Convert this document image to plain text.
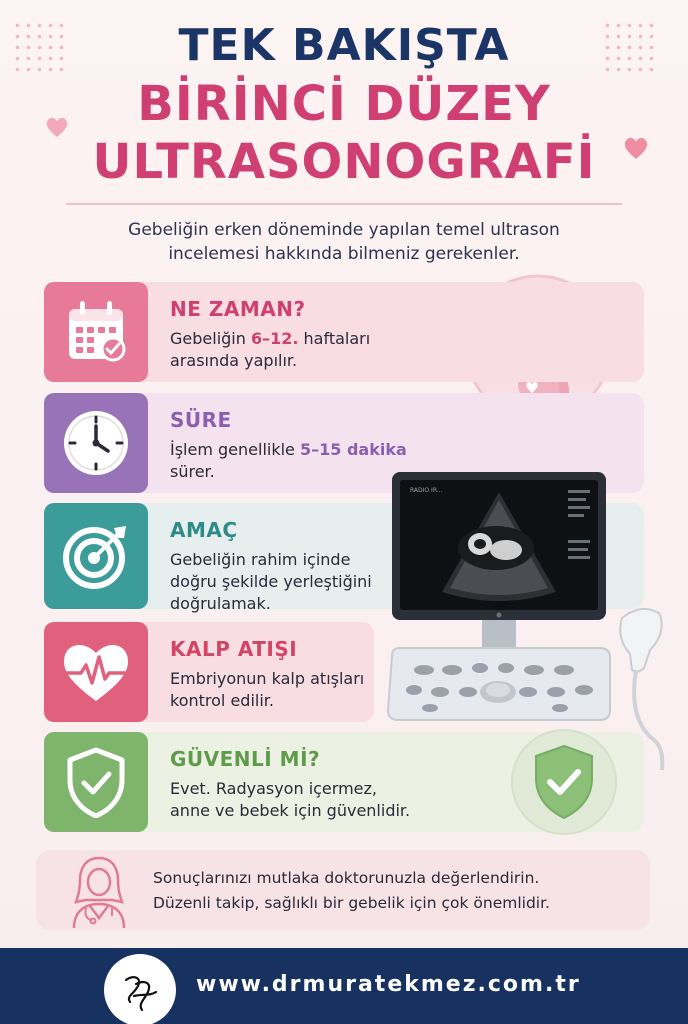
TEK BAKIŞTA
BİRİNCİ DÜZEY
ULTRASONOGRAFİ
Gebeliğin erken döneminde yapılan temel ultrason
incelemesi hakkında bilmeniz gerekenler.
NE ZAMAN?
Gebeliğin 6–12. haftaları
arasında yapılır.
SÜRE
İşlem genellikle 5–15 dakika
sürer.
AMAÇ
Gebeliğin rahim içinde
doğru şekilde yerleştiğini
doğrulamak.
KALP ATIŞI
Embriyonun kalp atışları
kontrol edilir.
GÜVENLİ Mİ?
Evet. Radyasyon içermez,
anne ve bebek için güvenlidir.
RADIO IR...
Sonuçlarınızı mutlaka doktorunuzla değerlendirin.
Düzenli takip, sağlıklı bir gebelik için çok önemlidir.
www.drmuratekmez.com.tr
